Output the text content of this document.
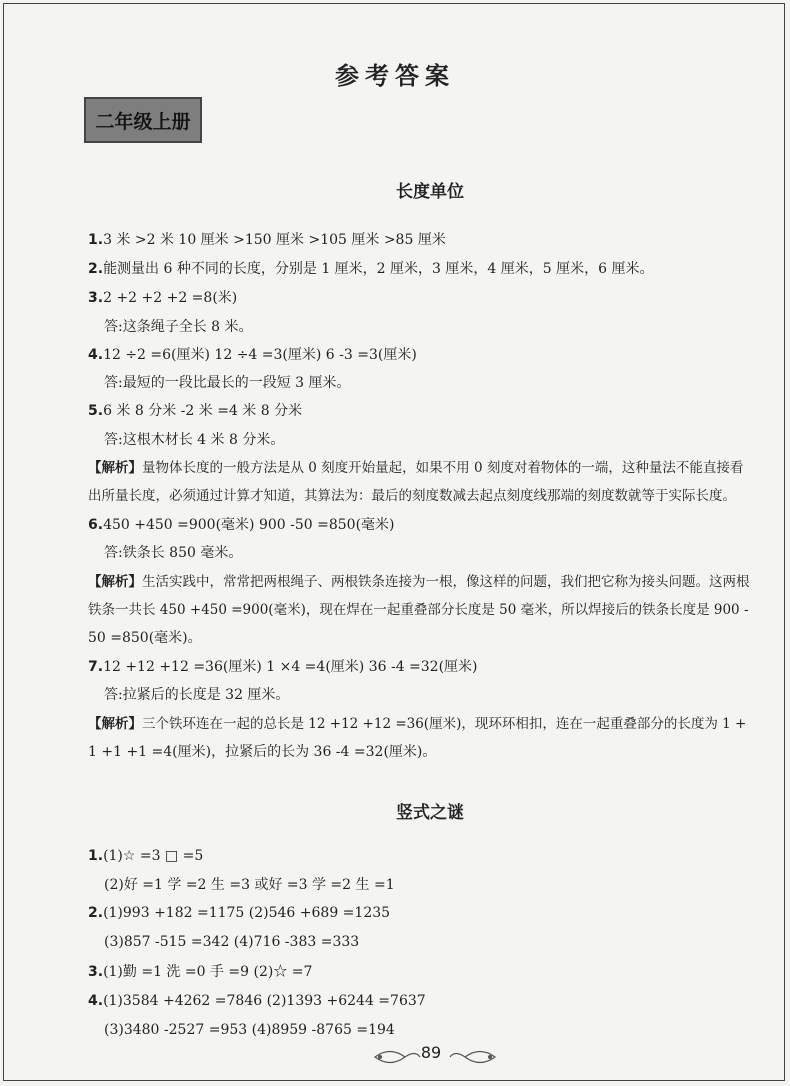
参考答案
二年级上册
长度单位
1.3 米 >2 米 10 厘米 >150 厘米 >105 厘米 >85 厘米
2.能测量出 6 种不同的长度，分别是 1 厘米，2 厘米，3 厘米，4 厘米，5 厘米，6 厘米。
3.2 +2 +2 +2 =8(米)
答:这条绳子全长 8 米。
4.12 ÷2 =6(厘米) 12 ÷4 =3(厘米) 6 -3 =3(厘米)
答:最短的一段比最长的一段短 3 厘米。
5.6 米 8 分米 -2 米 =4 米 8 分米
答:这根木材长 4 米 8 分米。
【解析】量物体长度的一般方法是从 0 刻度开始量起，如果不用 0 刻度对着物体的一端，这种量法不能直接看
出所量长度，必须通过计算才知道，其算法为：最后的刻度数减去起点刻度线那端的刻度数就等于实际长度。
6.450 +450 =900(毫米) 900 -50 =850(毫米)
答:铁条长 850 毫米。
【解析】生活实践中，常常把两根绳子、两根铁条连接为一根，像这样的问题，我们把它称为接头问题。这两根
铁条一共长 450 +450 =900(毫米)，现在焊在一起重叠部分长度是 50 毫米，所以焊接后的铁条长度是 900 -
50 =850(毫米)。
7.12 +12 +12 =36(厘米) 1 ×4 =4(厘米) 36 -4 =32(厘米)
答:拉紧后的长度是 32 厘米。
【解析】三个铁环连在一起的总长是 12 +12 +12 =36(厘米)，现环环相扣，连在一起重叠部分的长度为 1 +
1 +1 +1 =4(厘米)，拉紧后的长为 36 -4 =32(厘米)。
竖式之谜
1.(1)☆ =3 □ =5
(2)好 =1 学 =2 生 =3 或好 =3 学 =2 生 =1
2.(1)993 +182 =1175 (2)546 +689 =1235
(3)857 -515 =342 (4)716 -383 =333
3.(1)勤 =1 洗 =0 手 =9 (2)☆ =7
4.(1)3584 +4262 =7846 (2)1393 +6244 =7637
(3)3480 -2527 =953 (4)8959 -8765 =194
89
